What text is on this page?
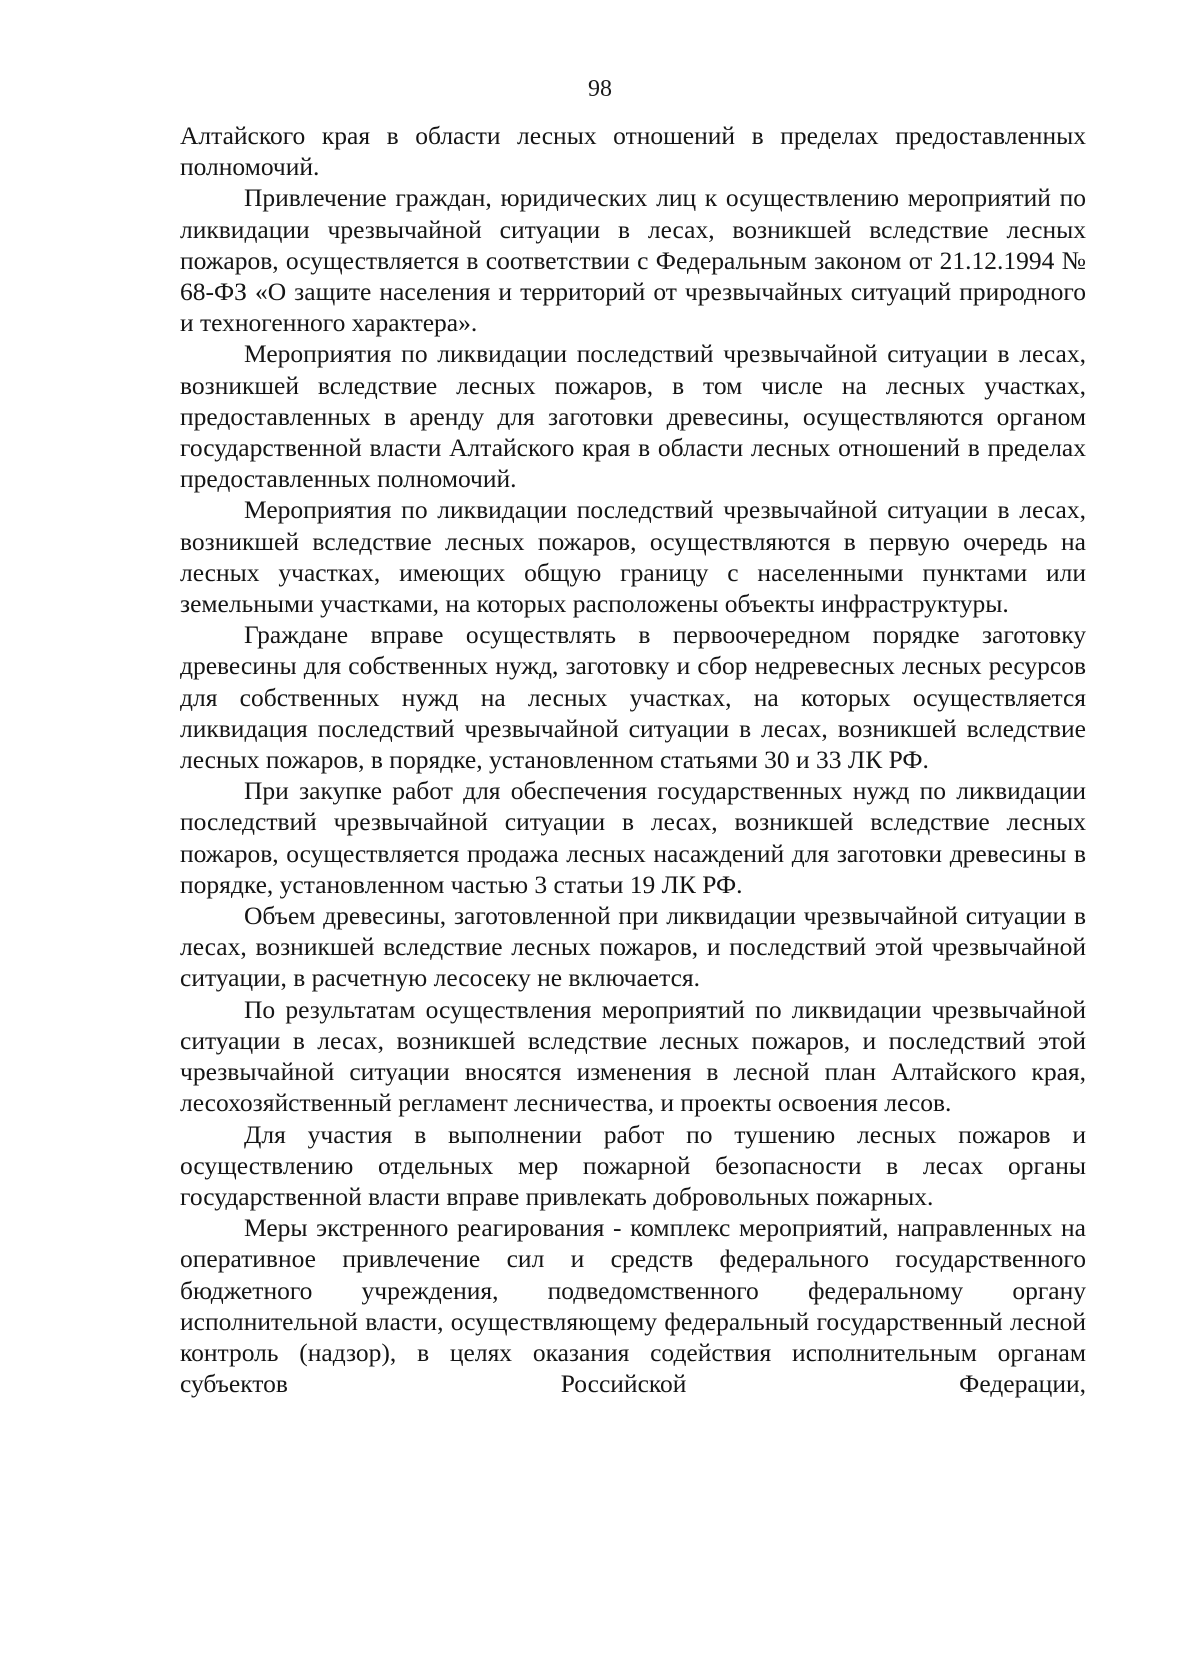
98

Алтайского края в области лесных отношений в пределах предоставленных полномочий.

Привлечение граждан, юридических лиц к осуществлению мероприятий по ликвидации чрезвычайной ситуации в лесах, возникшей вследствие лесных пожаров, осуществляется в соответствии с Федеральным законом от 21.12.1994 № 68-ФЗ «О защите населения и территорий от чрезвычайных ситуаций природного и техногенного характера».

Мероприятия по ликвидации последствий чрезвычайной ситуации в лесах, возникшей вследствие лесных пожаров, в том числе на лесных участках, предоставленных в аренду для заготовки древесины, осуществляются органом государственной власти Алтайского края в области лесных отношений в пределах предоставленных полномочий.

Мероприятия по ликвидации последствий чрезвычайной ситуации в лесах, возникшей вследствие лесных пожаров, осуществляются в первую очередь на лесных участках, имеющих общую границу с населенными пунктами или земельными участками, на которых расположены объекты инфраструктуры.

Граждане вправе осуществлять в первоочередном порядке заготовку древесины для собственных нужд, заготовку и сбор недревесных лесных ресурсов для собственных нужд на лесных участках, на которых осуществляется ликвидация последствий чрезвычайной ситуации в лесах, возникшей вследствие лесных пожаров, в порядке, установленном статьями 30 и 33 ЛК РФ.

При закупке работ для обеспечения государственных нужд по ликвидации последствий чрезвычайной ситуации в лесах, возникшей вследствие лесных пожаров, осуществляется продажа лесных насаждений для заготовки древесины в порядке, установленном частью 3 статьи 19 ЛК РФ.

Объем древесины, заготовленной при ликвидации чрезвычайной ситуации в лесах, возникшей вследствие лесных пожаров, и последствий этой чрезвычайной ситуации, в расчетную лесосеку не включается.

По результатам осуществления мероприятий по ликвидации чрезвычайной ситуации в лесах, возникшей вследствие лесных пожаров, и последствий этой чрезвычайной ситуации вносятся изменения в лесной план Алтайского края, лесохозяйственный регламент лесничества, и проекты освоения лесов.

Для участия в выполнении работ по тушению лесных пожаров и осуществлению отдельных мер пожарной безопасности в лесах органы государственной власти вправе привлекать добровольных пожарных.

Меры экстренного реагирования - комплекс мероприятий, направленных на оперативное привлечение сил и средств федерального государственного бюджетного учреждения, подведомственного федеральному органу исполнительной власти, осуществляющему федеральный государственный лесной контроль (надзор), в целях оказания содействия исполнительным органам субъектов Российской Федерации,
